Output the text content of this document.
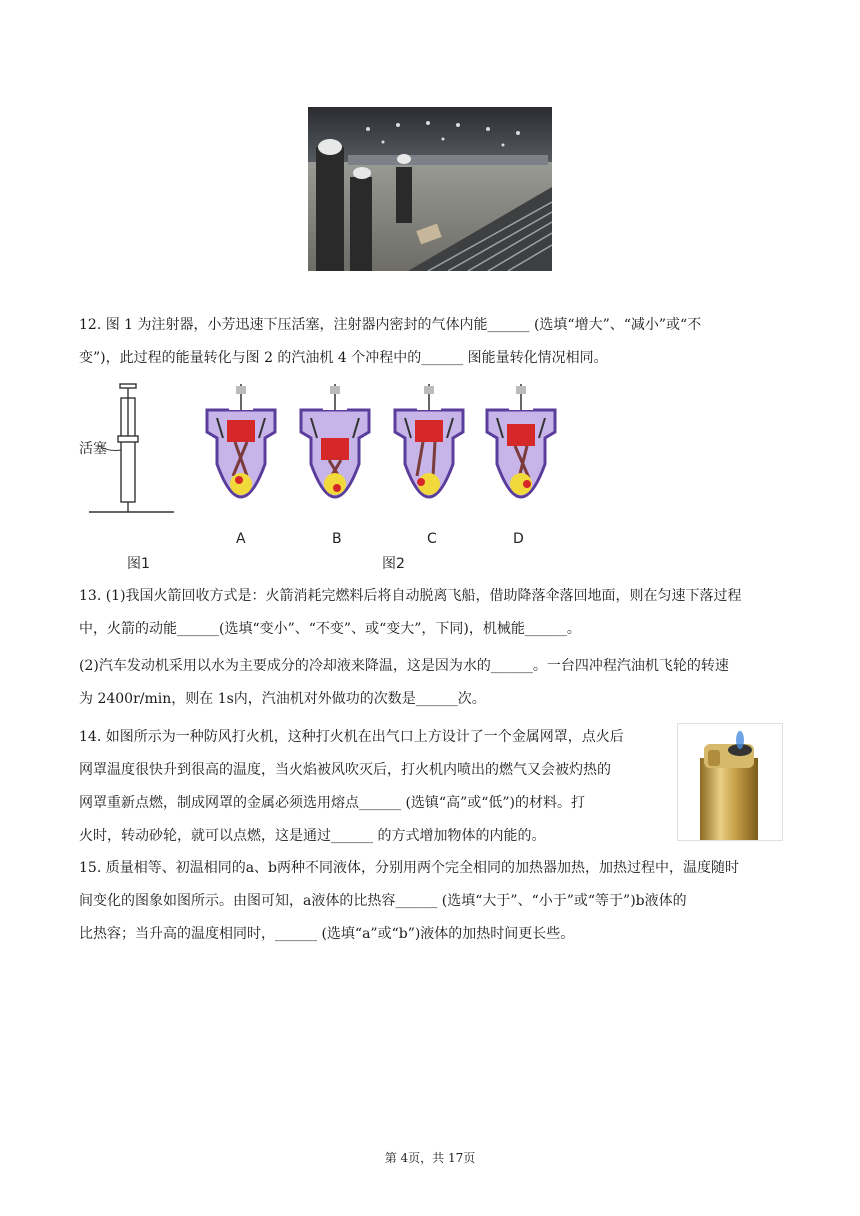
12. 图 1 为注射器，小芳迅速下压活塞，注射器内密封的气体内能______ (选填“增大”、“减小”或“不
变”)，此过程的能量转化与图 2 的汽油机 4 个冲程中的______ 图能量转化情况相同。
活塞
A	B	C	D
图1	图2
13. (1)我国火箭回收方式是：火箭消耗完燃料后将自动脱离飞船，借助降落伞落回地面，则在匀速下落过程
中，火箭的动能______(选填“变小”、“不变”、或“变大”，下同)，机械能______。
(2)汽车发动机采用以水为主要成分的冷却液来降温，这是因为水的______。一台四冲程汽油机飞轮的转速
为 2400r/min，则在 1s内，汽油机对外做功的次数是______次。
14. 如图所示为一种防风打火机，这种打火机在出气口上方设计了一个金属网罩，点火后
网罩温度很快升到很高的温度，当火焰被风吹灭后，打火机内喷出的燃气又会被灼热的
网罩重新点燃，制成网罩的金属必须选用熔点______ (选镇“高”或“低”)的材料。打
火时，转动砂轮，就可以点燃，这是通过______ 的方式增加物体的内能的。
15. 质量相等、初温相同的a、b两种不同液体，分别用两个完全相同的加热器加热，加热过程中，温度随时
间变化的图象如图所示。由图可知，a液体的比热容______ (选填“大于”、“小于”或“等于”)b液体的
比热容；当升高的温度相同时，______ (选填“a”或“b”)液体的加热时间更长些。
第 4页，共 17页
